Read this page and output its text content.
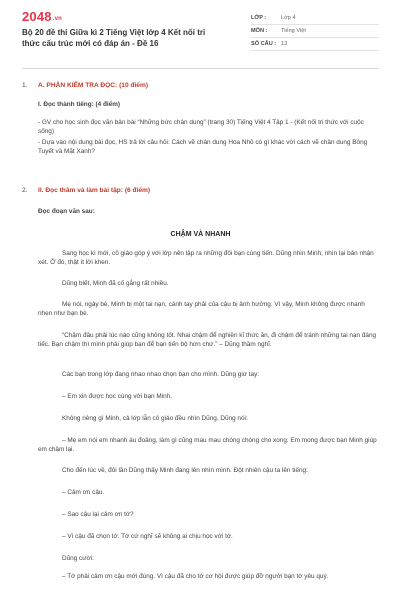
2048.vn
Bộ 20 đề thi Giữa kì 2 Tiếng Việt lớp 4 Kết nối tri thức cấu trúc mới có đáp án - Đề 16
LỚP :	Lớp 4
MÔN :	Tiếng Việt
SỐ CÂU : 13
1. A. PHẦN KIỂM TRA ĐỌC: (10 điểm)
I. Đọc thành tiếng: (4 điểm)
- GV cho học sinh đọc văn bản bài “Những bức chân dung” (trang 30) Tiếng Việt 4 Tập 1 - (Kết nối tri thức với cuộc sống)
- Dựa vào nội dung bài đọc, HS trả lời câu hỏi: Cách vẽ chân dung Hoa Nhỏ có gì khác với cách vẽ chân dung Bông Tuyết và Mặt Xanh?
2. II. Đọc thầm và làm bài tập: (6 điểm)
Đọc đoạn văn sau:
CHẬM VÀ NHANH
Sang học kì mới, cô giáo góp ý với lớp nên lập ra những đôi bạn cùng tiến. Dũng nhìn Minh, nhìn lại bản nhận xét. Ở đó, thật ít lời khen.
Dũng biết, Minh đã cố gắng rất nhiều.
Mẹ nói, ngày bé, Minh bị một tai nạn, cánh tay phải của cậu bị ảnh hưởng. Vì vậy, Minh không được nhanh nhẹn như bạn bè.
“Chậm đâu phải lúc nào cũng không tốt. Nhai chậm để nghiền kĩ thức ăn, đi chậm để tránh những tai nạn đáng tiếc. Bạn chậm thì mình phải giúp bạn để bạn tiến bộ hơn chứ.” – Dũng thầm nghĩ.
Các bạn trong lớp đang nhao nhao chọn bạn cho mình. Dũng giơ tay:
– Em xin được học cùng với bạn Minh.
Không riêng gì Minh, cả lớp lẫn cô giáo đều nhìn Dũng. Dũng nói:
– Mẹ em nói em nhanh áu đoảng, làm gì cũng mau mau chóng chóng cho xong. Em mong được bạn Minh giúp em chậm lại.
Cho đến lúc về, đôi lần Dũng thấy Minh đang lén nhìn mình. Đột nhiên cậu ta lên tiếng:
– Cảm ơn cậu.
– Sao cậu lại cảm ơn tớ?
– Vì cậu đã chọn tớ. Tớ cứ nghĩ sẽ không ai chịu học với tớ.
Dũng cười:
– Tớ phải cảm ơn cậu mới đúng. Vì cậu đã cho tớ cơ hội được giúp đỡ người bạn tớ yêu quý.
